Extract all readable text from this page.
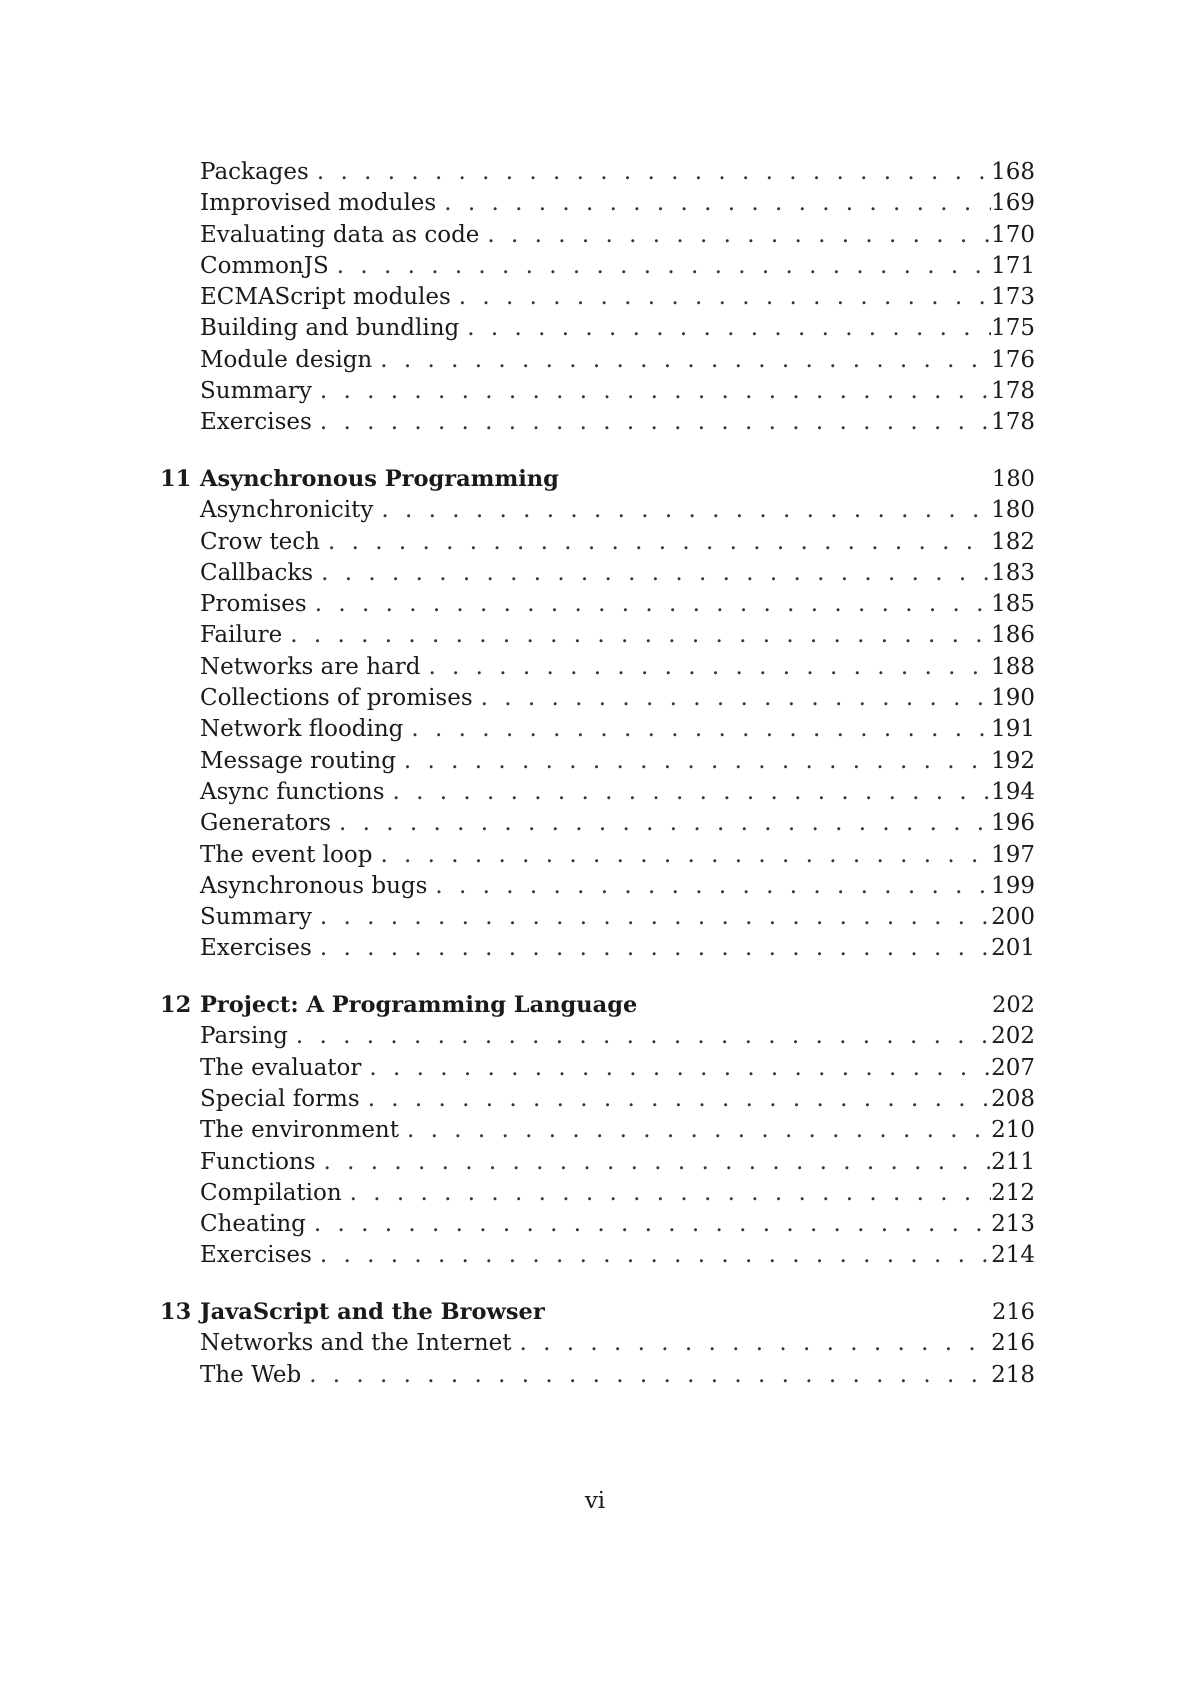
Packages . . .	168
Improvised modules . . .	169
Evaluating data as code . . .	170
CommonJS . . .	171
ECMAScript modules . . .	173
Building and bundling . . .	175
Module design . . .	176
Summary . . .	178
Exercises . . .	178
11 Asynchronous Programming	180
Asynchronicity . . .	180
Crow tech . . .	182
Callbacks . . .	183
Promises . . .	185
Failure . . .	186
Networks are hard . . .	188
Collections of promises . . .	190
Network flooding . . .	191
Message routing . . .	192
Async functions . . .	194
Generators . . .	196
The event loop . . .	197
Asynchronous bugs . . .	199
Summary . . .	200
Exercises . . .	201
12 Project: A Programming Language	202
Parsing . . .	202
The evaluator . . .	207
Special forms . . .	208
The environment . . .	210
Functions . . .	211
Compilation . . .	212
Cheating . . .	213
Exercises . . .	214
13 JavaScript and the Browser	216
Networks and the Internet . . .	216
The Web . . .	218
vi
